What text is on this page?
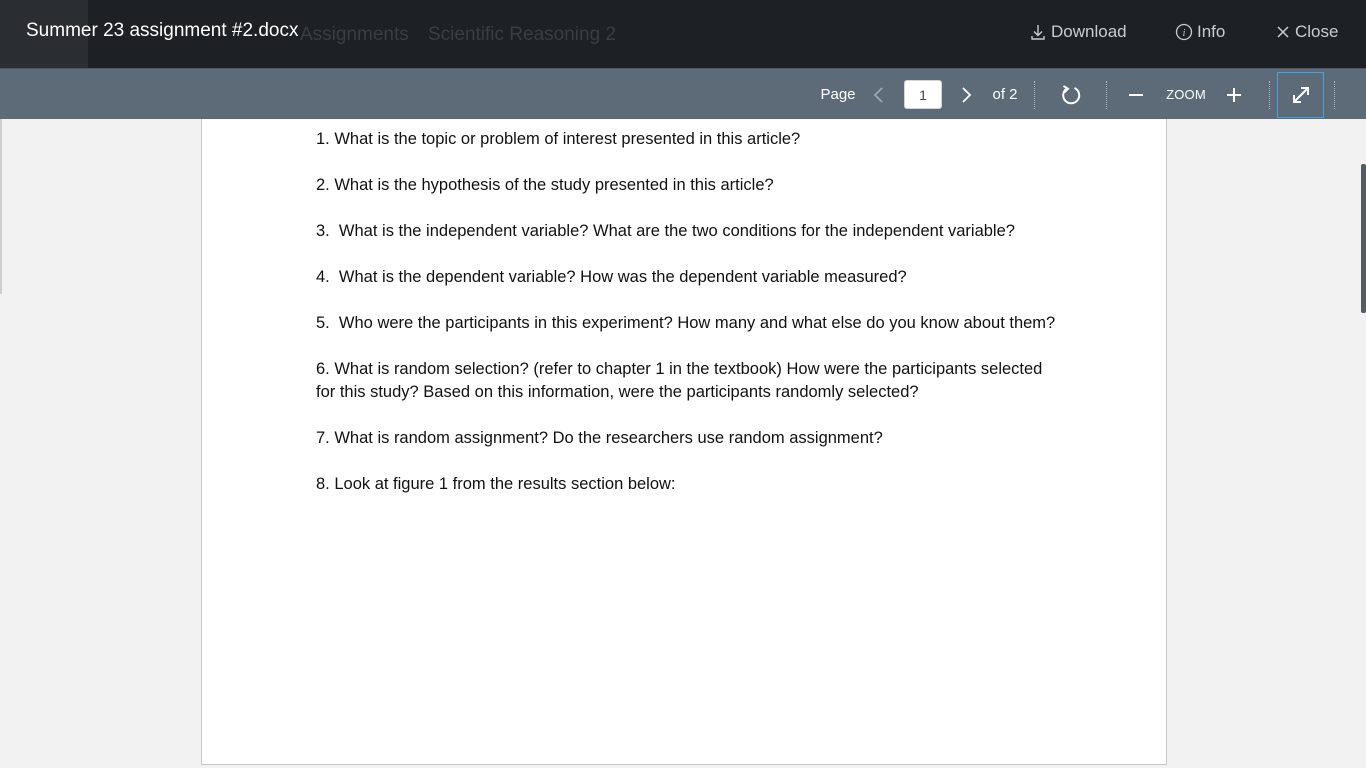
Assignments Scientific Reasoning 2
Summer 23 assignment #2.docx	Download	i Info	Close
Page
1	of 2	ZOOM

1. What is the topic or problem of interest presented in this article?

2. What is the hypothesis of the study presented in this article?

3.  What is the independent variable? What are the two conditions for the independent variable?

4.  What is the dependent variable? How was the dependent variable measured?

5.  Who were the participants in this experiment? How many and what else do you know about them?

6. What is random selection? (refer to chapter 1 in the textbook) How were the participants selected for this study? Based on this information, were the participants randomly selected?

7. What is random assignment? Do the researchers use random assignment?

8. Look at figure 1 from the results section below:
